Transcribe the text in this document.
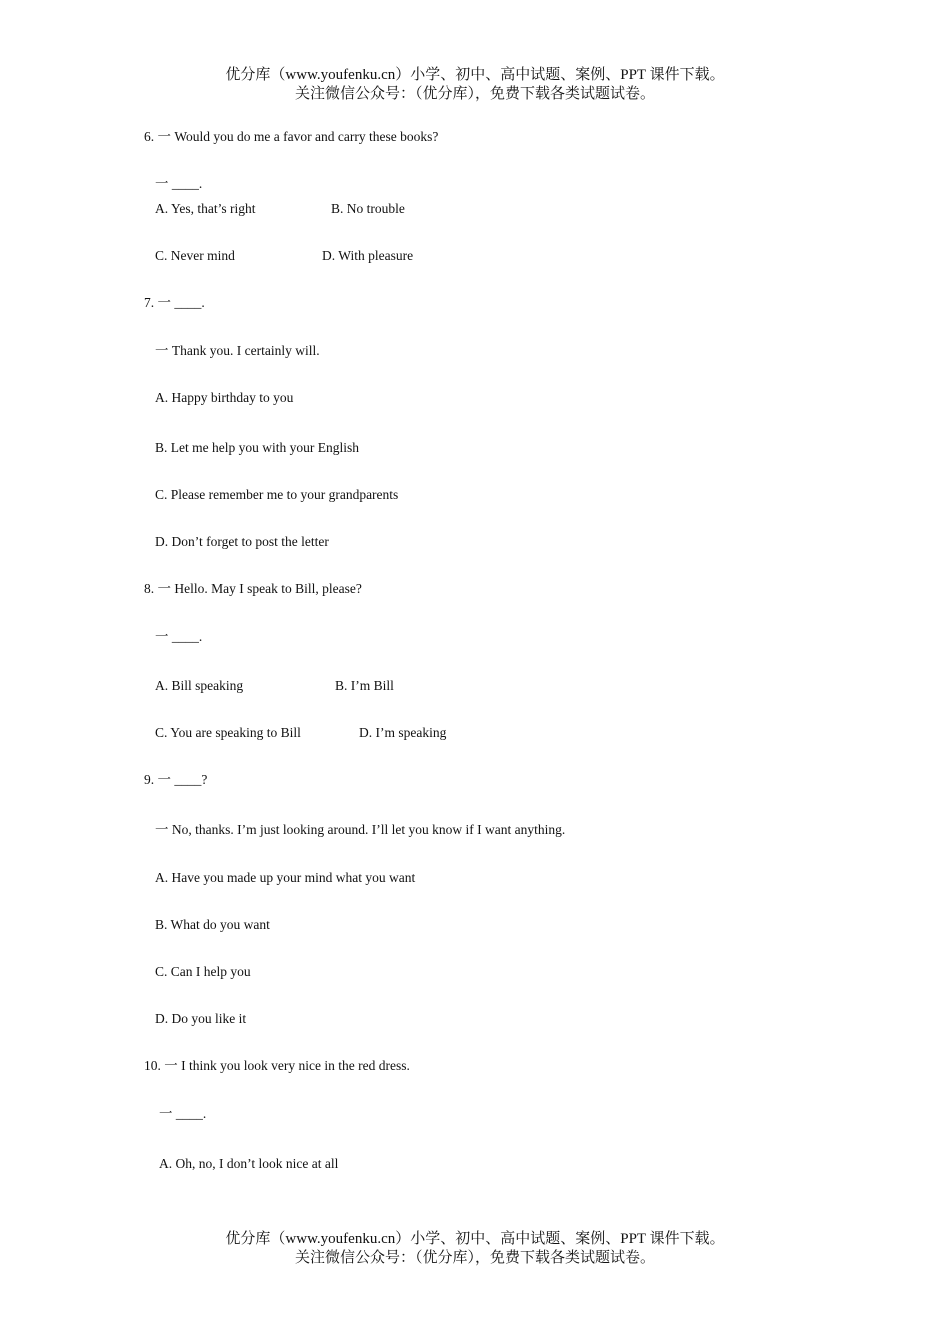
优分库（www.youfenku.cn）小学、初中、高中试题、案例、PPT 课件下载。
关注微信公众号：（优分库），免费下载各类试题试卷。
6. 一 Would you do me a favor and carry these books?
一 ____.
A. Yes, that’s right	B. No trouble
C. Never mind	D. With pleasure
7. 一 ____.
一 Thank you. I certainly will.
A. Happy birthday to you
B. Let me help you with your English
C. Please remember me to your grandparents
D. Don’t forget to post the letter
8. 一 Hello. May I speak to Bill, please?
一 ____.
A. Bill speaking	B. I’m Bill
C. You are speaking to Bill	D. I’m speaking
9. 一 ____?
一 No, thanks. I’m just looking around. I’ll let you know if I want anything.
A. Have you made up your mind what you want
B. What do you want
C. Can I help you
D. Do you like it
10. 一 I think you look very nice in the red dress.
一 ____.
A. Oh, no, I don’t look nice at all
优分库（www.youfenku.cn）小学、初中、高中试题、案例、PPT 课件下载。
关注微信公众号：（优分库），免费下载各类试题试卷。
